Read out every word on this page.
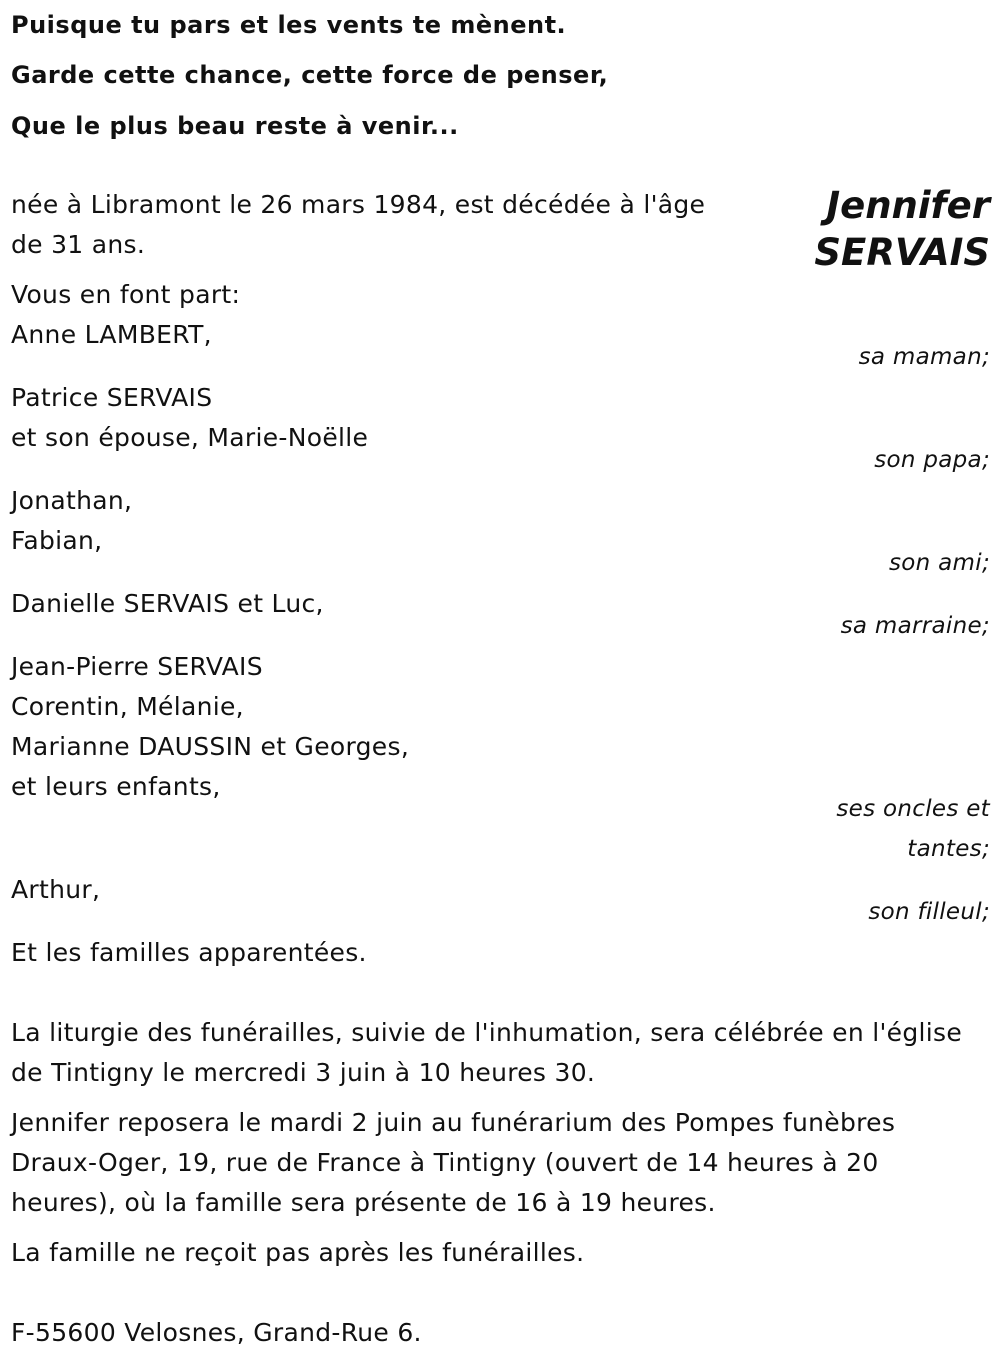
Puisque tu pars et les vents te mènent.

Garde cette chance, cette force de penser,

Que le plus beau reste à venir...

Jennifer

SERVAIS

née à Libramont le 26 mars 1984, est décédée à l'âge

de 31 ans.

Vous en font part:

Anne LAMBERT,

sa maman;

Patrice SERVAIS

et son épouse, Marie-Noëlle

son papa;

Jonathan,

Fabian,

son ami;

Danielle SERVAIS et Luc,

sa marraine;

Jean-Pierre SERVAIS

Corentin, Mélanie,

Marianne DAUSSIN et Georges,

et leurs enfants,

ses oncles et

tantes;

Arthur,

son filleul;

Et les familles apparentées.

La liturgie des funérailles, suivie de l'inhumation, sera célébrée en l'église

de Tintigny le mercredi 3 juin à 10 heures 30.

Jennifer reposera le mardi 2 juin au funérarium des Pompes funèbres

Draux-Oger, 19, rue de France à Tintigny (ouvert de 14 heures à 20

heures), où la famille sera présente de 16 à 19 heures.

La famille ne reçoit pas après les funérailles.

F-55600 Velosnes, Grand-Rue 6.
